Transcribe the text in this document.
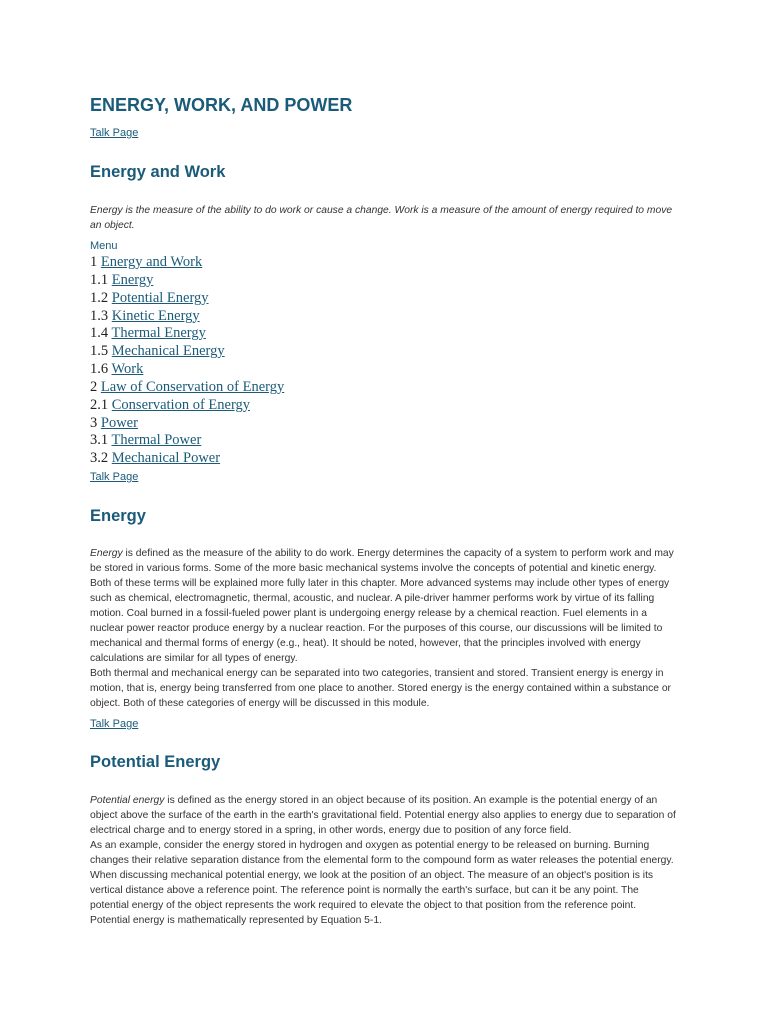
ENERGY, WORK, AND POWER
Talk Page
Energy and Work

Energy is the measure of the ability to do work or cause a change. Work is a measure of the amount of energy required to move an object.

Menu
1 Energy and Work
1.1 Energy
1.2 Potential Energy
1.3 Kinetic Energy
1.4 Thermal Energy
1.5 Mechanical Energy
1.6 Work
2 Law of Conservation of Energy
2.1 Conservation of Energy
3 Power
3.1 Thermal Power
3.2 Mechanical Power
Talk Page
Energy

Energy is defined as the measure of the ability to do work. Energy determines the capacity of a system to perform work and may be stored in various forms. Some of the more basic mechanical systems involve the concepts of potential and kinetic energy. Both of these terms will be explained more fully later in this chapter. More advanced systems may include other types of energy such as chemical, electromagnetic, thermal, acoustic, and nuclear. A pile-driver hammer performs work by virtue of its falling motion. Coal burned in a fossil-fueled power plant is undergoing energy release by a chemical reaction. Fuel elements in a nuclear power reactor produce energy by a nuclear reaction. For the purposes of this course, our discussions will be limited to mechanical and thermal forms of energy (e.g., heat). It should be noted, however, that the principles involved with energy calculations are similar for all types of energy.

Both thermal and mechanical energy can be separated into two categories, transient and stored. Transient energy is energy in motion, that is, energy being transferred from one place to another. Stored energy is the energy contained within a substance or object. Both of these categories of energy will be discussed in this module.

Talk Page
Potential Energy

Potential energy is defined as the energy stored in an object because of its position. An example is the potential energy of an object above the surface of the earth in the earth's gravitational field. Potential energy also applies to energy due to separation of electrical charge and to energy stored in a spring, in other words, energy due to position of any force field.

As an example, consider the energy stored in hydrogen and oxygen as potential energy to be released on burning. Burning changes their relative separation distance from the elemental form to the compound form as water releases the potential energy.

When discussing mechanical potential energy, we look at the position of an object. The measure of an object's position is its vertical distance above a reference point. The reference point is normally the earth's surface, but can it be any point. The potential energy of the object represents the work required to elevate the object to that position from the reference point. Potential energy is mathematically represented by Equation 5-1.
